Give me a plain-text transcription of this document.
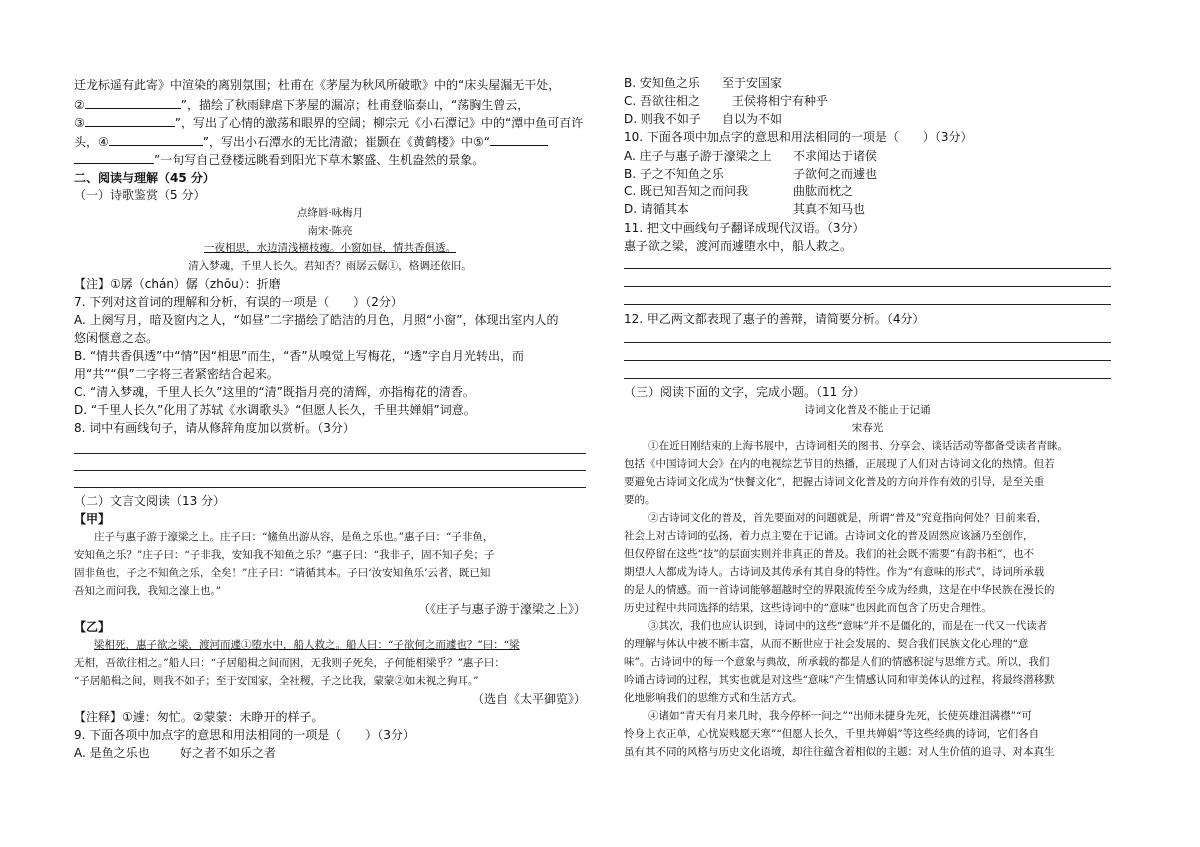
迁龙标遥有此寄》中渲染的离别氛围；杜甫在《茅屋为秋风所破歌》中的“床头屋漏无干处，
②	”，描绘了秋雨肆虐下茅屋的漏凉；杜甫登临泰山，“荡胸生曾云，
③	”，写出了心情的激荡和眼界的空阔；柳宗元《小石潭记》中的“潭中鱼可百许
头，④	”，写出小石潭水的无比清澈；崔颢在《黄鹤楼》中⑤“
”一句写自己登楼远眺看到阳光下草木繁盛、生机盎然的景象。
二、阅读与理解（45 分）
（一）诗歌鉴赏（5 分）
点绛唇·咏梅月
南宋·陈亮
一夜相思，水边清浅横枝瘦。小窗如昼，情共香俱透。
清入梦魂，千里人长久。君知否？雨孱云僝①，格调还依旧。
【注】①孱（chán）僝（zhōu）：折磨
7. 下列对这首词的理解和分析，有误的一项是（　　）（2分）
A. 上阕写月，暗及窗内之人，“如昼”二字描绘了皓洁的月色，月照“小窗”，体现出室内人的
悠闲惬意之态。
B. “情共香俱透”中“情”因“相思”而生，“香”从嗅觉上写梅花，“透”字自月光转出，而
用“共”“俱”二字将三者紧密结合起来。
C. “清入梦魂，千里人长久”这里的“清”既指月亮的清辉，亦指梅花的清香。
D. “千里人长久”化用了苏轼《水调歌头》“但愿人长久，千里共婵娟”词意。
8. 词中有画线句子，请从修辞角度加以赏析。（3分）
（二）文言文阅读（13 分）
【甲】
庄子与惠子游于濠梁之上。庄子曰：“鯈鱼出游从容，是鱼之乐也。”惠子曰：“子非鱼，
安知鱼之乐？”庄子曰：“子非我，安知我不知鱼之乐？”惠子曰：“我非子，固不知子矣；子
固非鱼也，子之不知鱼之乐，全矣！”庄子曰：“请循其本。子曰‘汝安知鱼乐’云者，既已知
吾知之而问我，我知之濠上也。”
（《庄子与惠子游于濠梁之上》）
【乙】
梁相死，惠子欲之梁，渡河而遽①堕水中，船人救之。船人曰：“子欲何之而遽也？”曰：“梁
无相，吾欲往相之。”船人曰：“子居船楫之间而困，无我则子死矣，子何能相梁乎？”惠子曰：
“子居船楫之间，则我不如子；至于安国家，全社稷，子之比我，蒙蒙②如未视之狗耳。”
（选自《太平御览》）
【注释】①遽：匆忙。②蒙蒙：未睁开的样子。
9. 下面各项中加点字的意思和用法相同的一项是（　　）（3分）
A. 是鱼之乐也	好之者不如乐之者
B. 安知鱼之乐 至于安国家
C. 吾欲往相之	王侯将相宁有种乎
D. 则我不如子 自以为不如
10. 下面各项中加点字的意思和用法相同的一项是（　　）（3分）
A. 庄子与惠子游于濠梁之上 不求闻达于诸侯
B. 子之不知鱼之乐	子欲何之而遽也
C. 既已知吾知之而问我	曲肱而枕之
D. 请循其本	其真不知马也
11. 把文中画线句子翻译成现代汉语。（3分）
惠子欲之梁，渡河而遽堕水中，船人救之。
12. 甲乙两文都表现了惠子的善辩，请简要分析。（4分）
（三）阅读下面的文字，完成小题。（11 分）
诗词文化普及不能止于记诵
宋春光
①在近日刚结束的上海书展中，古诗词相关的图书、分享会、谈话活动等都备受读者青睐。
包括《中国诗词大会》在内的电视综艺节目的热播，正展现了人们对古诗词文化的热情。但若
要避免古诗词文化成为“快餐文化”，把握古诗词文化普及的方向并作有效的引导，是至关重
要的。
②古诗词文化的普及，首先要面对的问题就是，所谓“普及”究竟指向何处？目前来看，
社会上对古诗词的弘扬，着力点主要在于记诵。古诗词文化的普及固然应该涵乃至创作，
但仅停留在这些“技”的层面实则并非真正的普及。我们的社会既不需要“有韵书柜”，也不
期望人人都成为诗人。古诗词及其传承有其自身的特性。作为“有意味的形式”，诗词所承载
的是人的情感。而一首诗词能够超越时空的界限流传至今成为经典，这是在中华民族在漫长的
历史过程中共同选择的结果，这些诗词中的“意味”也因此而包含了历史合理性。
③其次，我们也应认识到，诗词中的这些“意味”并不是僵化的，而是在一代又一代读者
的理解与体认中被不断丰富，从而不断世应于社会发展的、契合我们民族文化心理的“意
味”。古诗词中的每一个意象与典故，所承载的都是人们的情感积淀与思维方式。所以，我们
吟诵古诗词的过程，其实也就是对这些“意味”产生情感认同和审美体认的过程，将最终潜移默
化地影响我们的思维方式和生活方式。
④诸如“青天有月来几时，我今停杯一问之”“出师未捷身先死，长使英雄泪满襟”“可
怜身上衣正单，心忧炭贱愿天寒”“但愿人长久，千里共婵娟”等这些经典的诗词，它们各自
虽有其不同的风格与历史文化语境，却往往蕴含着相似的主题：对人生价值的追寻、对本真生
